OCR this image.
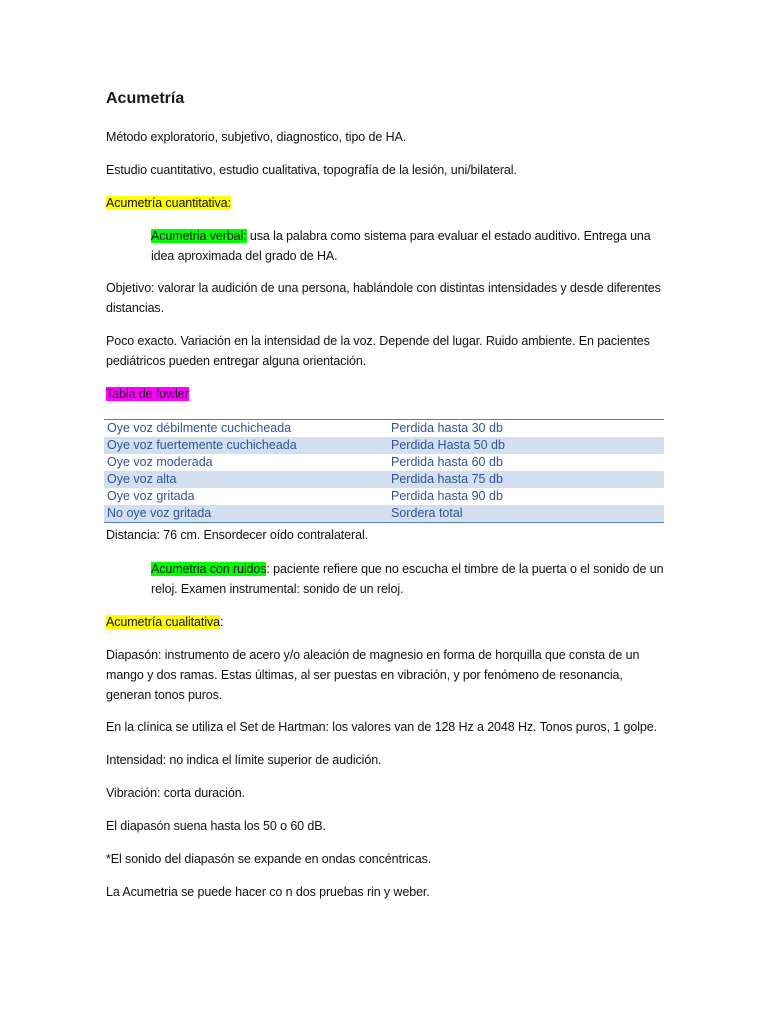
Acumetría

Método exploratorio, subjetivo, diagnostico, tipo de HA.

Estudio cuantitativo, estudio cualitativa, topografía de la lesión, uni/bilateral.

Acumetría cuantitativa:

Acumetria verbal: usa la palabra como sistema para evaluar el estado auditivo. Entrega una idea aproximada del grado de HA.

Objetivo: valorar la audición de una persona, hablándole con distintas intensidades y desde diferentes distancias.

Poco exacto. Variación en la intensidad de la voz. Depende del lugar. Ruido ambiente. En pacientes pediátricos pueden entregar alguna orientación.

Tabla de fowler

Oye voz débilmente cuchicheada	Perdida hasta 30 db
Oye voz fuertemente cuchicheada	Perdida Hasta 50 db
Oye voz moderada	Perdida hasta 60 db
Oye voz alta	Perdida hasta 75 db
Oye voz gritada	Perdida hasta 90 db
No oye voz gritada	Sordera total

Distancia: 76 cm. Ensordecer oído contralateral.

Acumetria con ruidos: paciente refiere que no escucha el timbre de la puerta o el sonido de un reloj. Examen instrumental: sonido de un reloj.

Acumetría cualitativa:

Diapasón: instrumento de acero y/o aleación de magnesio en forma de horquilla que consta de un mango y dos ramas. Estas últimas, al ser puestas en vibración, y por fenómeno de resonancia, generan tonos puros.

En la clínica se utiliza el Set de Hartman: los valores van de 128 Hz a 2048 Hz. Tonos puros, 1 golpe.

Intensidad: no indica el límite superior de audición.

Vibración: corta duración.

El diapasón suena hasta los 50 o 60 dB.

*El sonido del diapasón se expande en ondas concéntricas.

La Acumetria se puede hacer co n dos pruebas rin y weber.
